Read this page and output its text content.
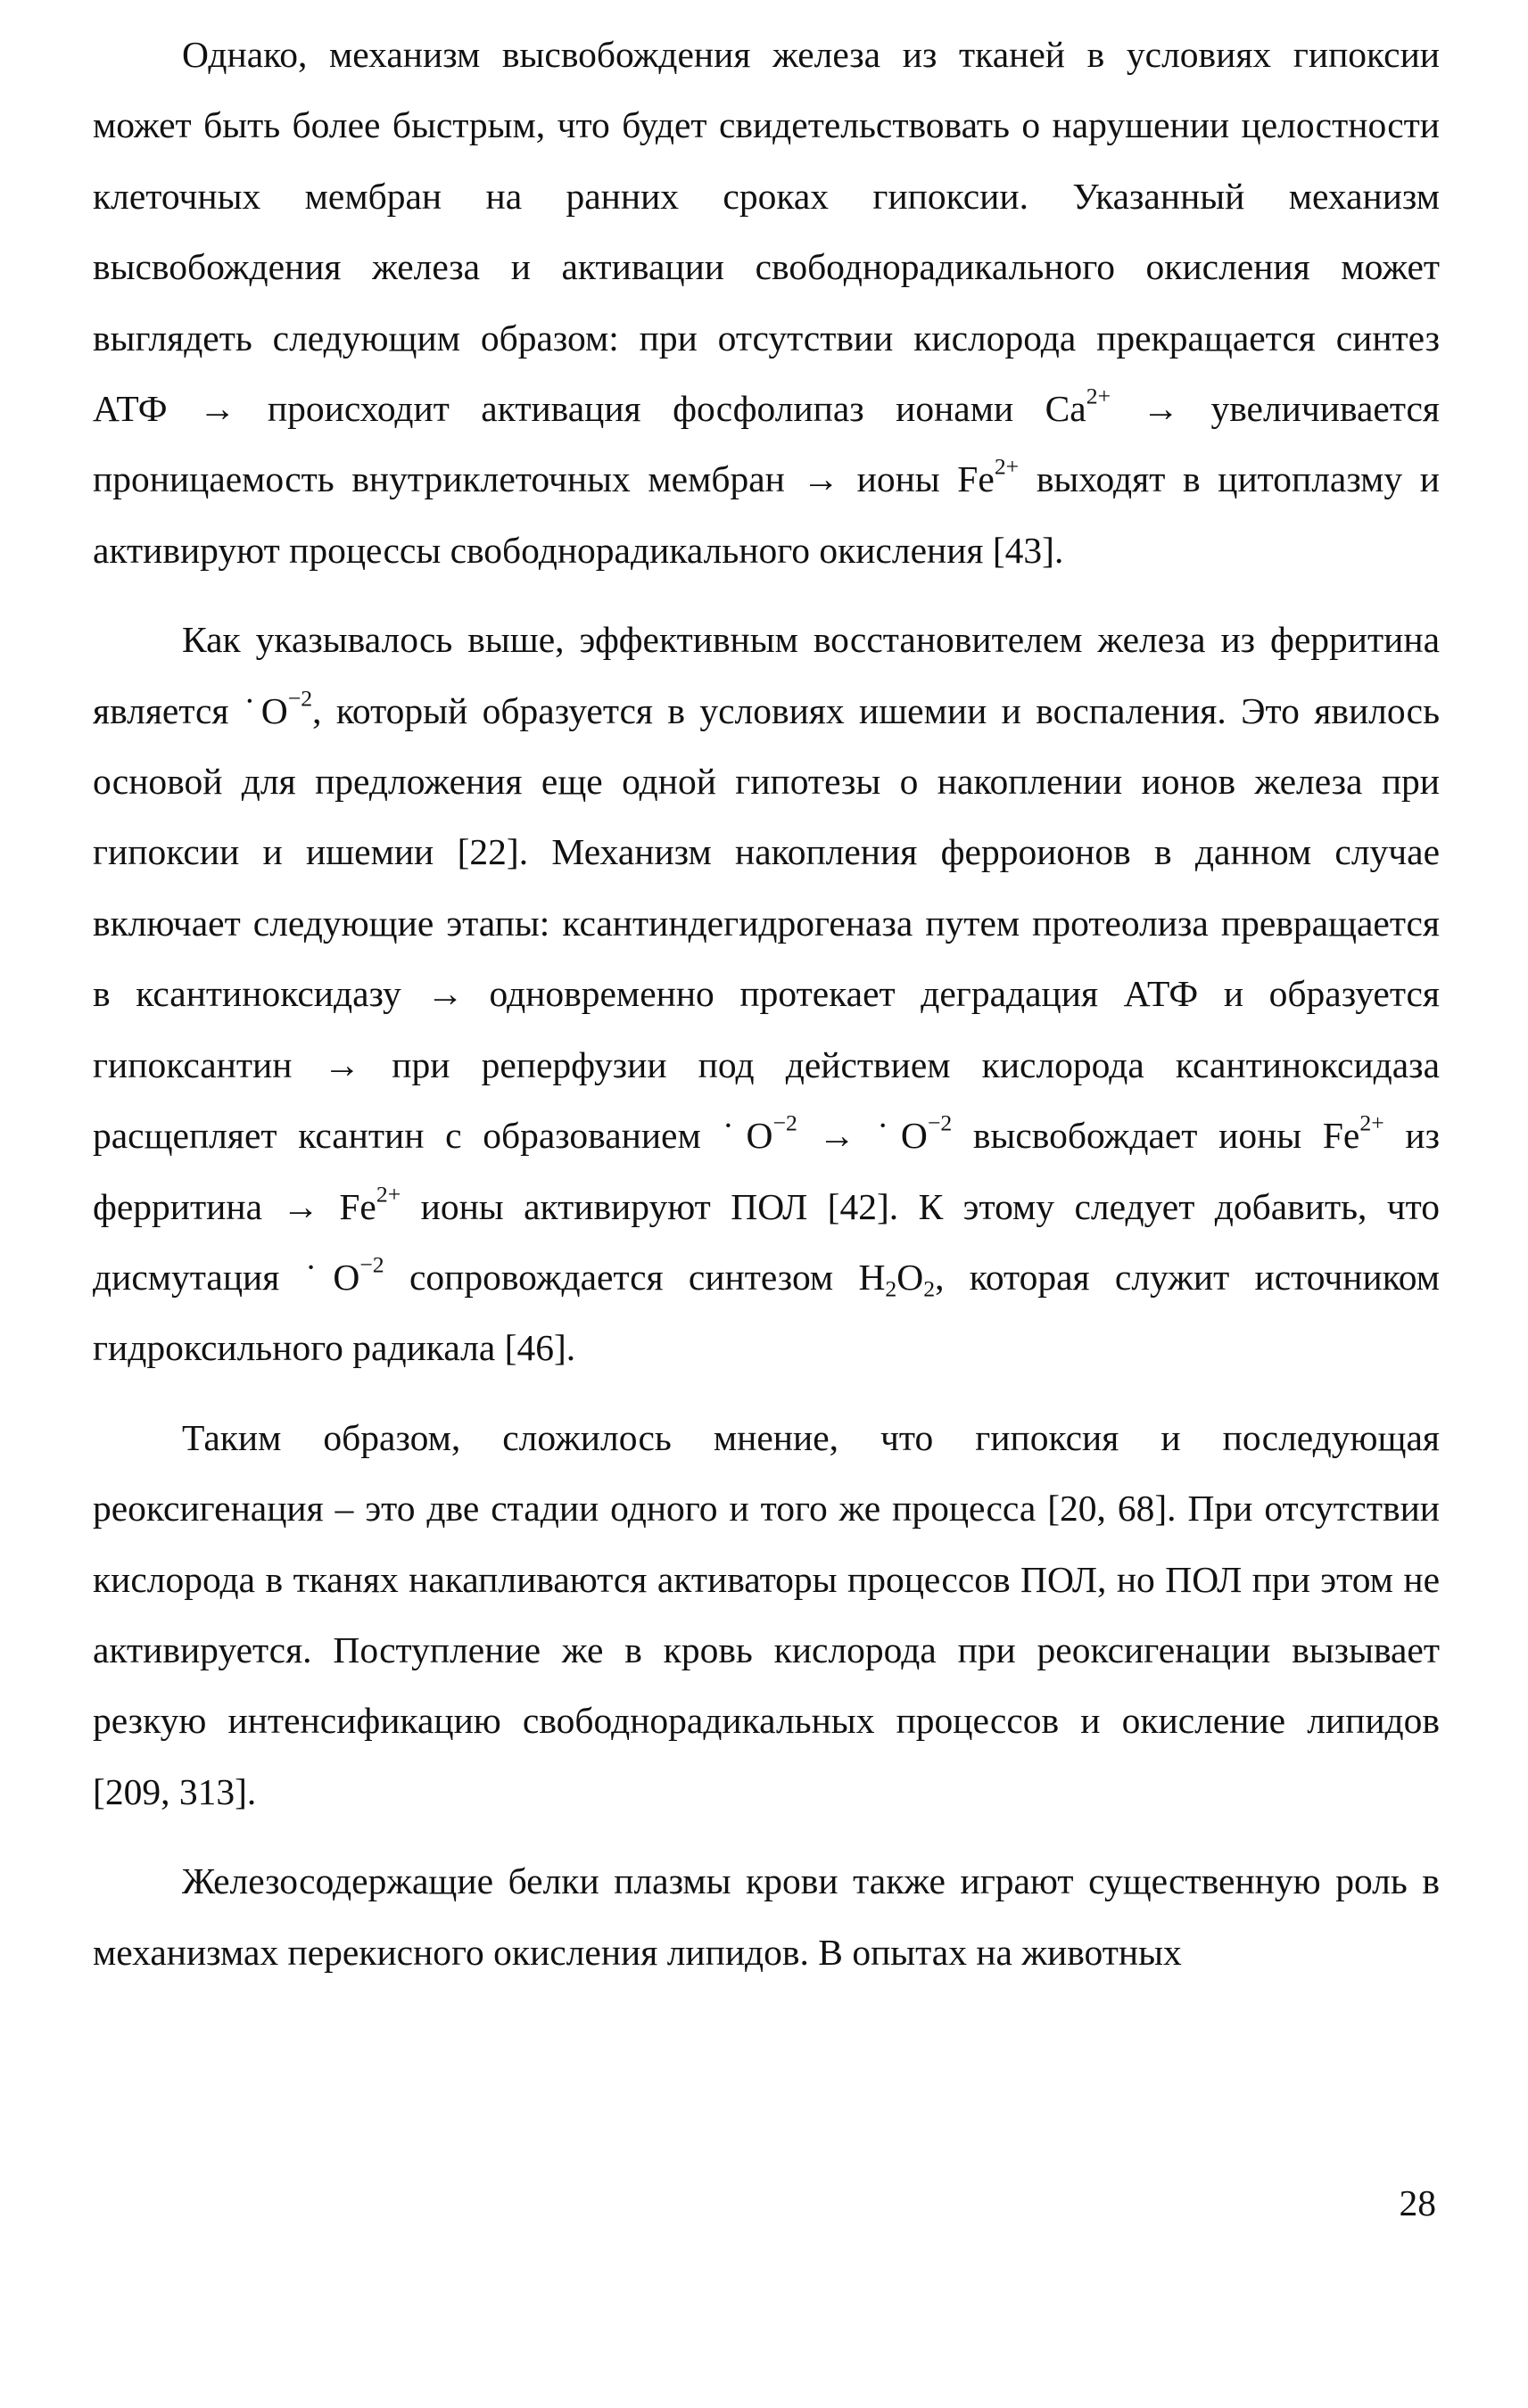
Однако, механизм высвобождения железа из тканей в условиях гипоксии может быть более быстрым, что будет свидетельствовать о нарушении целостности клеточных мембран на ранних сроках гипоксии. Указанный механизм высвобождения железа и активации свободнорадикального окисления может выглядеть следующим образом: при отсутствии кислорода прекращается синтез АТФ → происходит активация фосфолипаз ионами $Ca^{2+}$ → увеличивается проницаемость внутриклеточных мембран → ионы $Fe^{2+}$ выходят в цитоплазму и активируют процессы свободнорадикального окисления [43].

Как указывалось выше, эффективным восстановителем железа из ферритина является $˙O^{-2}$, который образуется в условиях ишемии и воспаления. Это явилось основой для предложения еще одной гипотезы о накоплении ионов железа при гипоксии и ишемии [22]. Механизм накопления ферроионов в данном случае включает следующие этапы: ксантиндегидрогеназа путем протеолиза превращается в ксантиноксидазу → одновременно протекает деградация АТФ и образуется гипоксантин → при реперфузии под действием кислорода ксантиноксидаза расщепляет ксантин с образованием $˙O^{-2}$ → $˙O^{-2}$ высвобождает ионы $Fe^{2+}$ из ферритина → $Fe^{2+}$ ионы активируют ПОЛ [42]. К этому следует добавить, что дисмутация $˙O^{-2}$ сопровождается синтезом $H_2O_2$, которая служит источником гидроксильного радикала [46].

Таким образом, сложилось мнение, что гипоксия и последующая реоксигенация – это две стадии одного и того же процесса [20, 68]. При отсутствии кислорода в тканях накапливаются активаторы процессов ПОЛ, но ПОЛ при этом не активируется. Поступление же в кровь кислорода при реоксигенации вызывает резкую интенсификацию свободнорадикальных процессов и окисление липидов [209, 313].

Железосодержащие белки плазмы крови также играют существенную роль в механизмах перекисного окисления липидов. В опытах на животных

28
